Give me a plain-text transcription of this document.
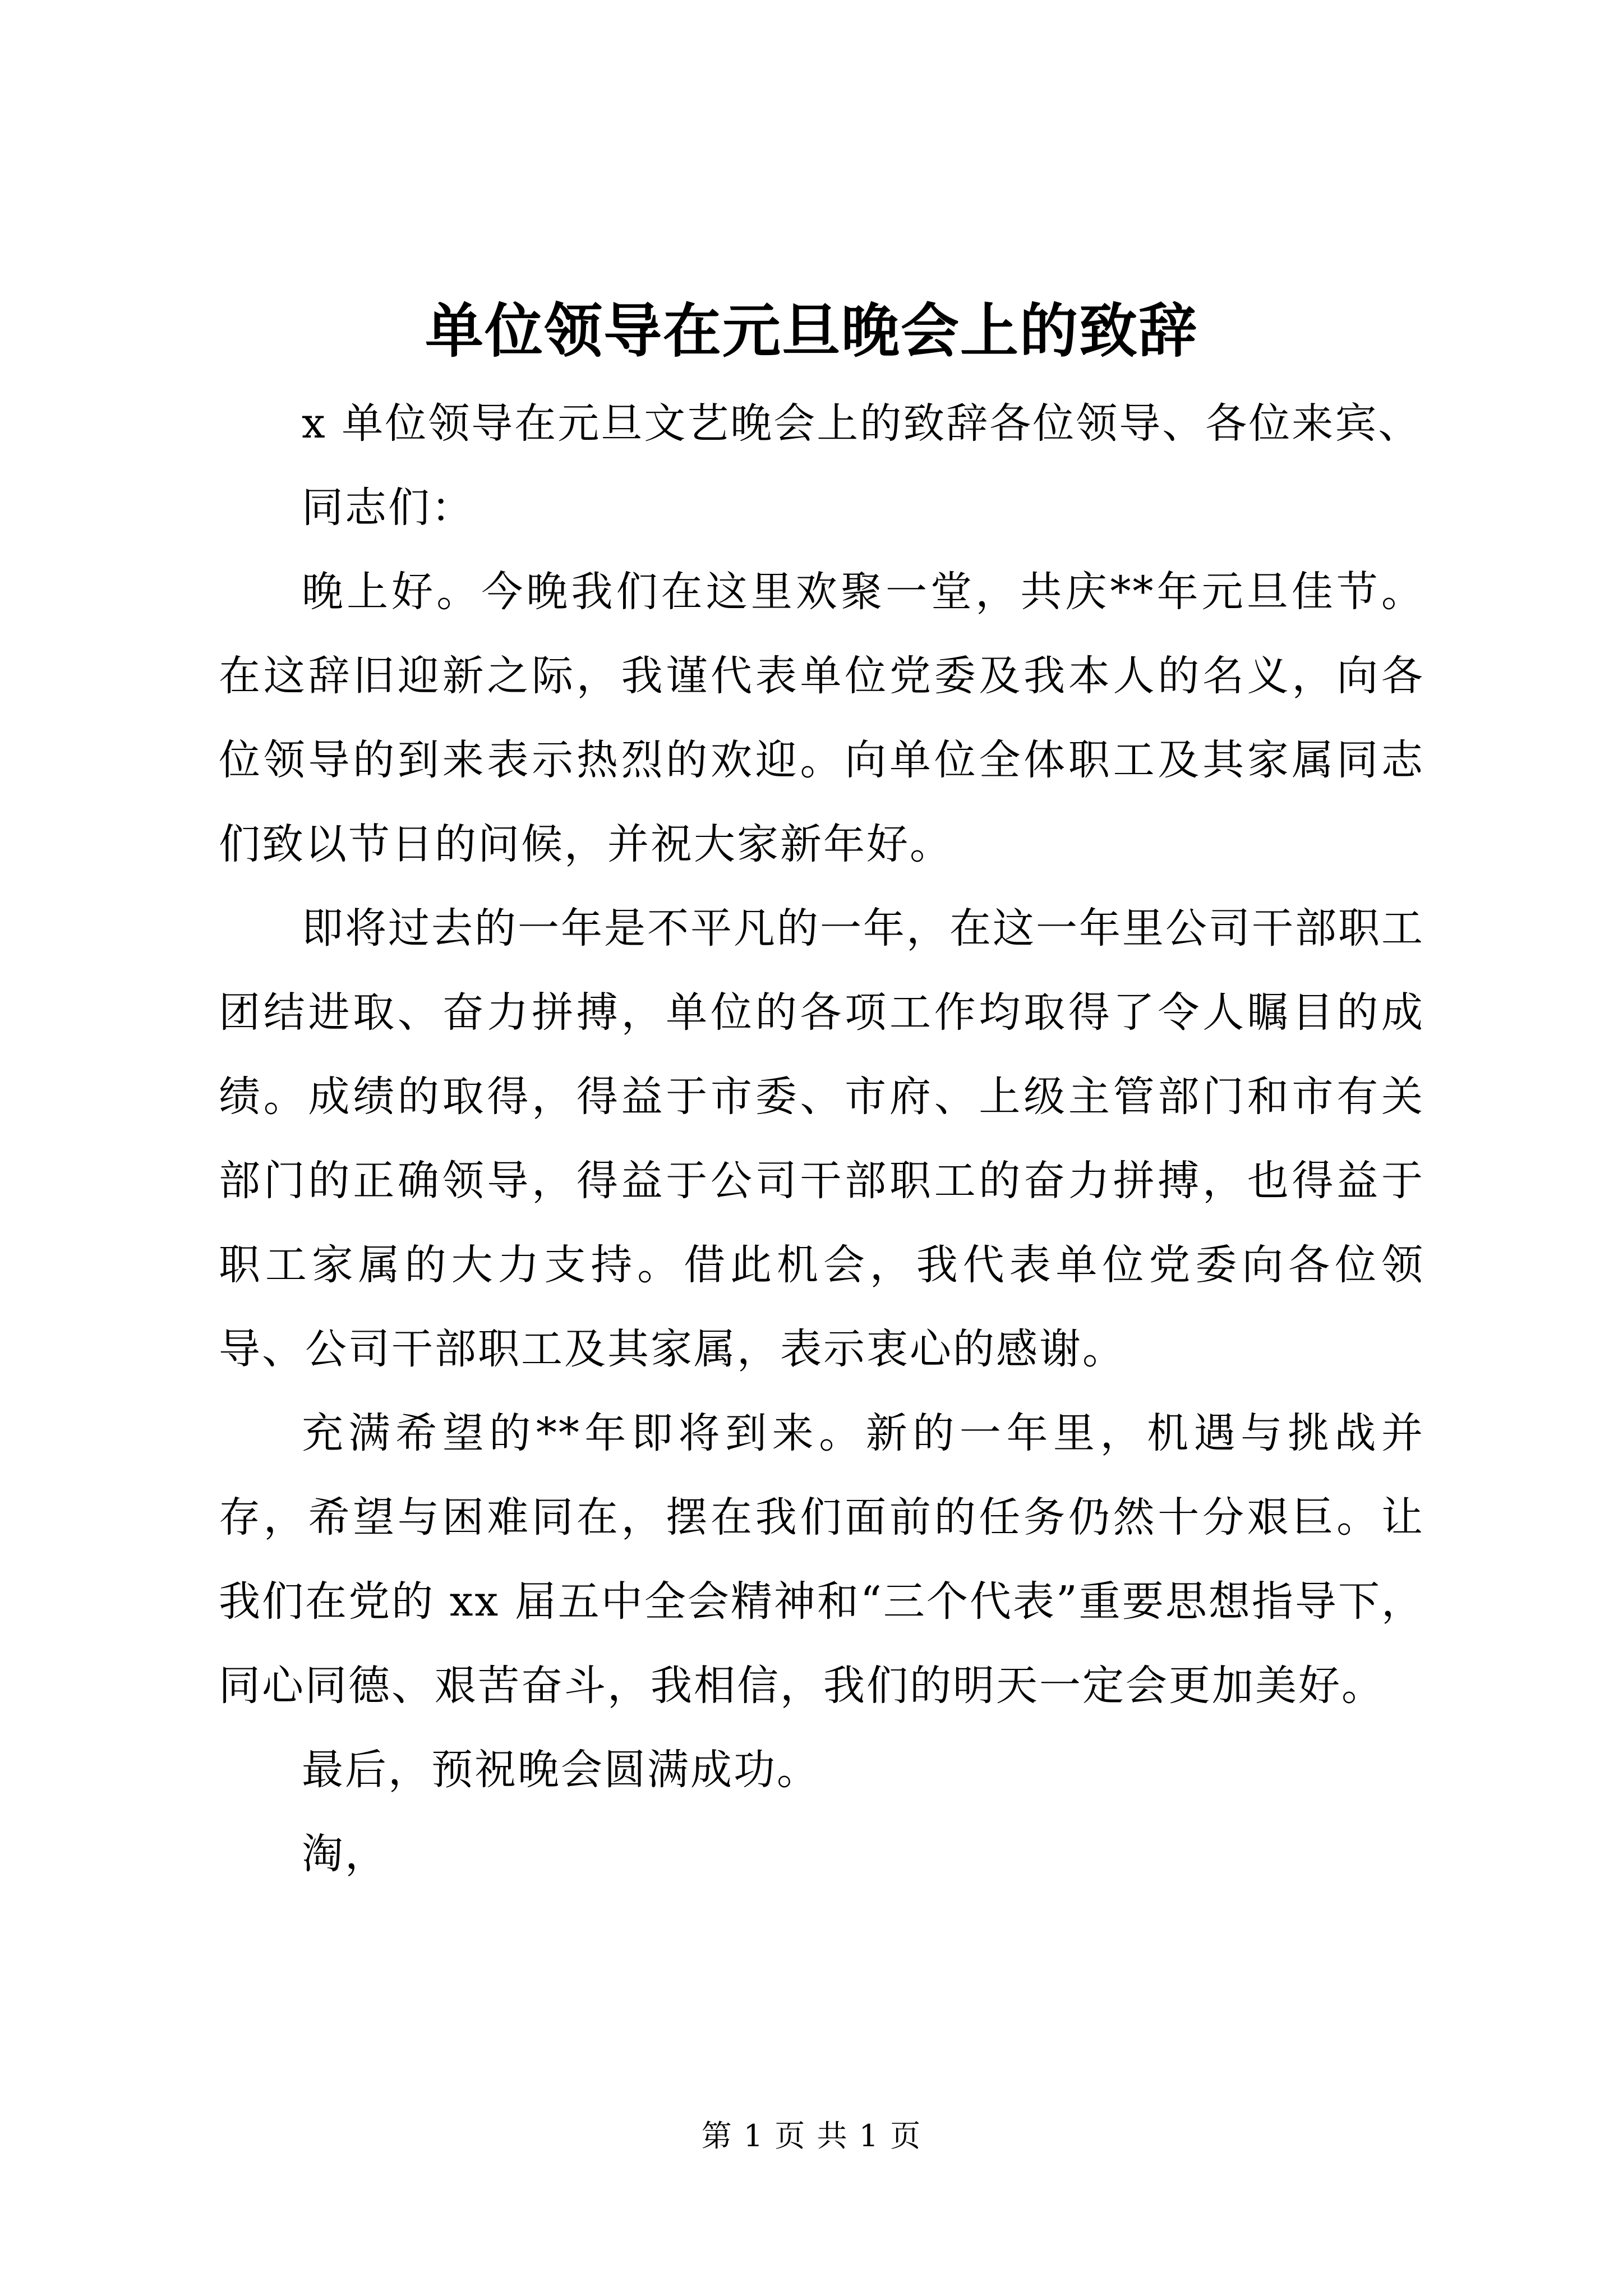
单位领导在元旦晚会上的致辞

x 单位领导在元旦文艺晚会上的致辞各位领导、各位来宾、

同志们：

晚上好。今晚我们在这里欢聚一堂，共庆**年元旦佳节。在这辞旧迎新之际，我谨代表单位党委及我本人的名义，向各位领导的到来表示热烈的欢迎。向单位全体职工及其家属同志们致以节日的问候，并祝大家新年好。

即将过去的一年是不平凡的一年，在这一年里公司干部职工团结进取、奋力拼搏，单位的各项工作均取得了令人瞩目的成绩。成绩的取得，得益于市委、市府、上级主管部门和市有关部门的正确领导，得益于公司干部职工的奋力拼搏，也得益于职工家属的大力支持。借此机会，我代表单位党委向各位领导、公司干部职工及其家属，表示衷心的感谢。

充满希望的**年即将到来。新的一年里，机遇与挑战并存，希望与困难同在，摆在我们面前的任务仍然十分艰巨。让我们在党的 xx 届五中全会精神和“三个代表”重要思想指导下，同心同德、艰苦奋斗，我相信，我们的明天一定会更加美好。

最后，预祝晚会圆满成功。

淘，

第 1 页 共 1 页
